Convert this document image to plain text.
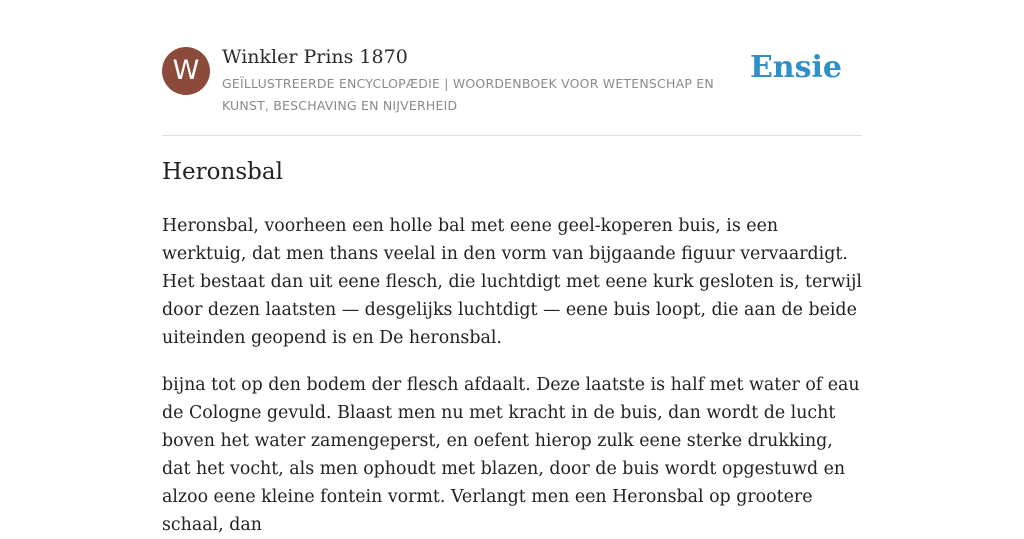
W	Winkler Prins 1870
GEÏLLUSTREERDE ENCYCLOPÆDIE | WOORDENBOEK VOOR WETENSCHAP EN KUNST, BESCHAVING EN NIJVERHEID
Ensie
Heronsbal

Heronsbal, voorheen een holle bal met eene geel-koperen buis, is een werktuig, dat men thans veelal in den vorm van bijgaande figuur vervaardigt. Het bestaat dan uit eene flesch, die luchtdigt met eene kurk gesloten is, terwijl door dezen laatsten — desgelijks luchtdigt — eene buis loopt, die aan de beide uiteinden geopend is en De heronsbal.

bijna tot op den bodem der flesch afdaalt. Deze laatste is half met water of eau de Cologne gevuld. Blaast men nu met kracht in de buis, dan wordt de lucht boven het water zamengeperst, en oefent hierop zulk eene sterke drukking, dat het vocht, als men ophoudt met blazen, door de buis wordt opgestuwd en alzoo eene kleine fontein vormt. Verlangt men een Heronsbal op grootere schaal, dan
